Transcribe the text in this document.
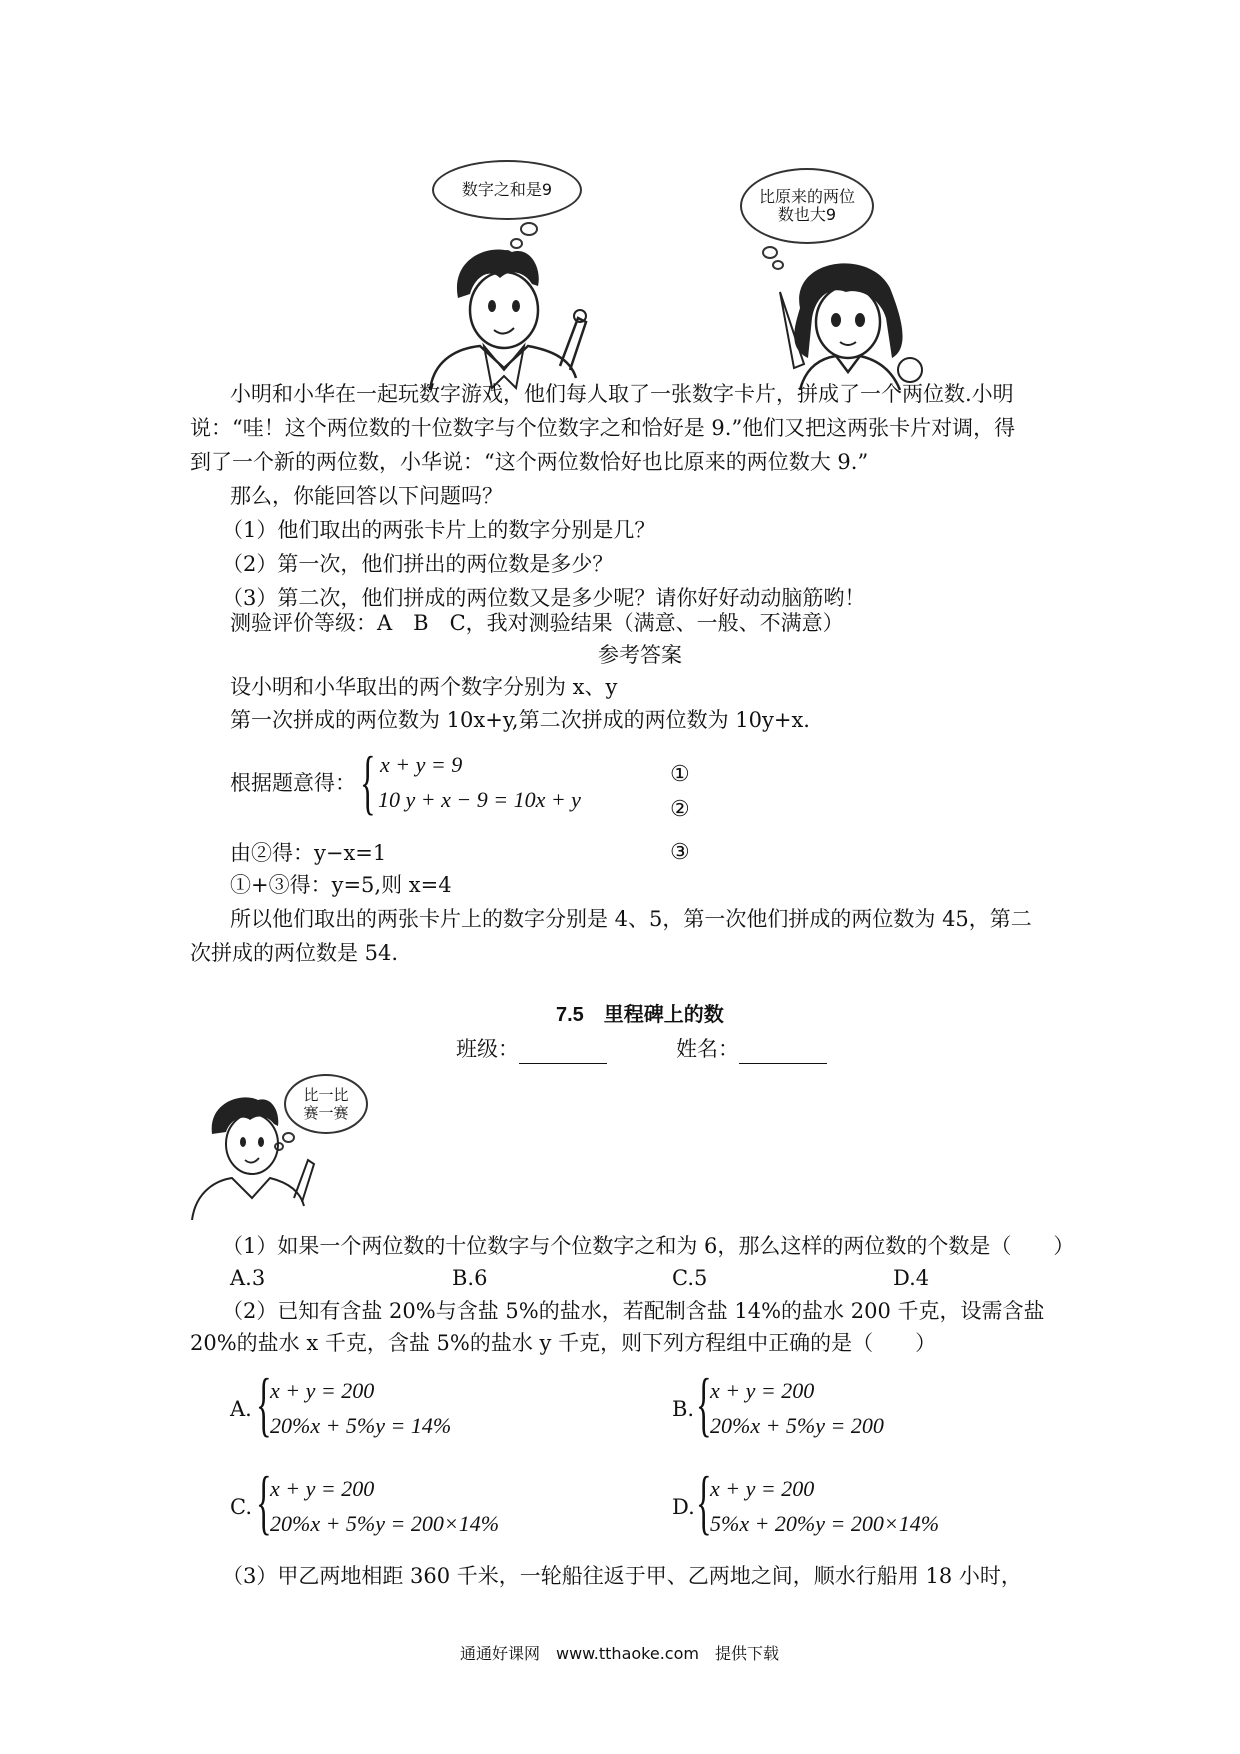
数字之和是9	比原来的两位
数也大9
小明和小华在一起玩数字游戏，他们每人取了一张数字卡片，拼成了一个两位数.小明
说：“哇！这个两位数的十位数字与个位数字之和恰好是 9.”他们又把这两张卡片对调，得
到了一个新的两位数，小华说：“这个两位数恰好也比原来的两位数大 9.”
那么，你能回答以下问题吗？
（1）他们取出的两张卡片上的数字分别是几？
（2）第一次，他们拼出的两位数是多少？
（3）第二次，他们拼成的两位数又是多少呢？请你好好动动脑筋哟！
测验评价等级：A　B　C，我对测验结果（满意、一般、不满意）
参考答案
设小明和小华取出的两个数字分别为 x、y
第一次拼成的两位数为 10x+y,第二次拼成的两位数为 10y+x.
根据题意得： { x + y = 9
10 y + x − 9 = 10x + y
①
②
由②得：y−x=1	③
①+③得：y=5,则 x=4
所以他们取出的两张卡片上的数字分别是 4、5，第一次他们拼成的两位数为 45，第二
次拼成的两位数是 54.
7.5　里程碑上的数
班级：	姓名：
比一比
赛一赛
（1）如果一个两位数的十位数字与个位数字之和为 6，那么这样的两位数的个数是（　　）
A.3	B.6	C.5	D.4
（2）已知有含盐 20%与含盐 5%的盐水，若配制含盐 14%的盐水 200 千克，设需含盐
20%的盐水 x 千克，含盐 5%的盐水 y 千克，则下列方程组中正确的是（　　）
A. {
x + y = 200
20%x + 5%y = 14%
B. {
x + y = 200
20%x + 5%y = 200
C. {
x + y = 200
20%x + 5%y = 200×14%
D. {
x + y = 200
5%x + 20%y = 200×14%
（3）甲乙两地相距 360 千米，一轮船往返于甲、乙两地之间，顺水行船用 18 小时，
通通好课网　www.tthaoke.com　提供下载
